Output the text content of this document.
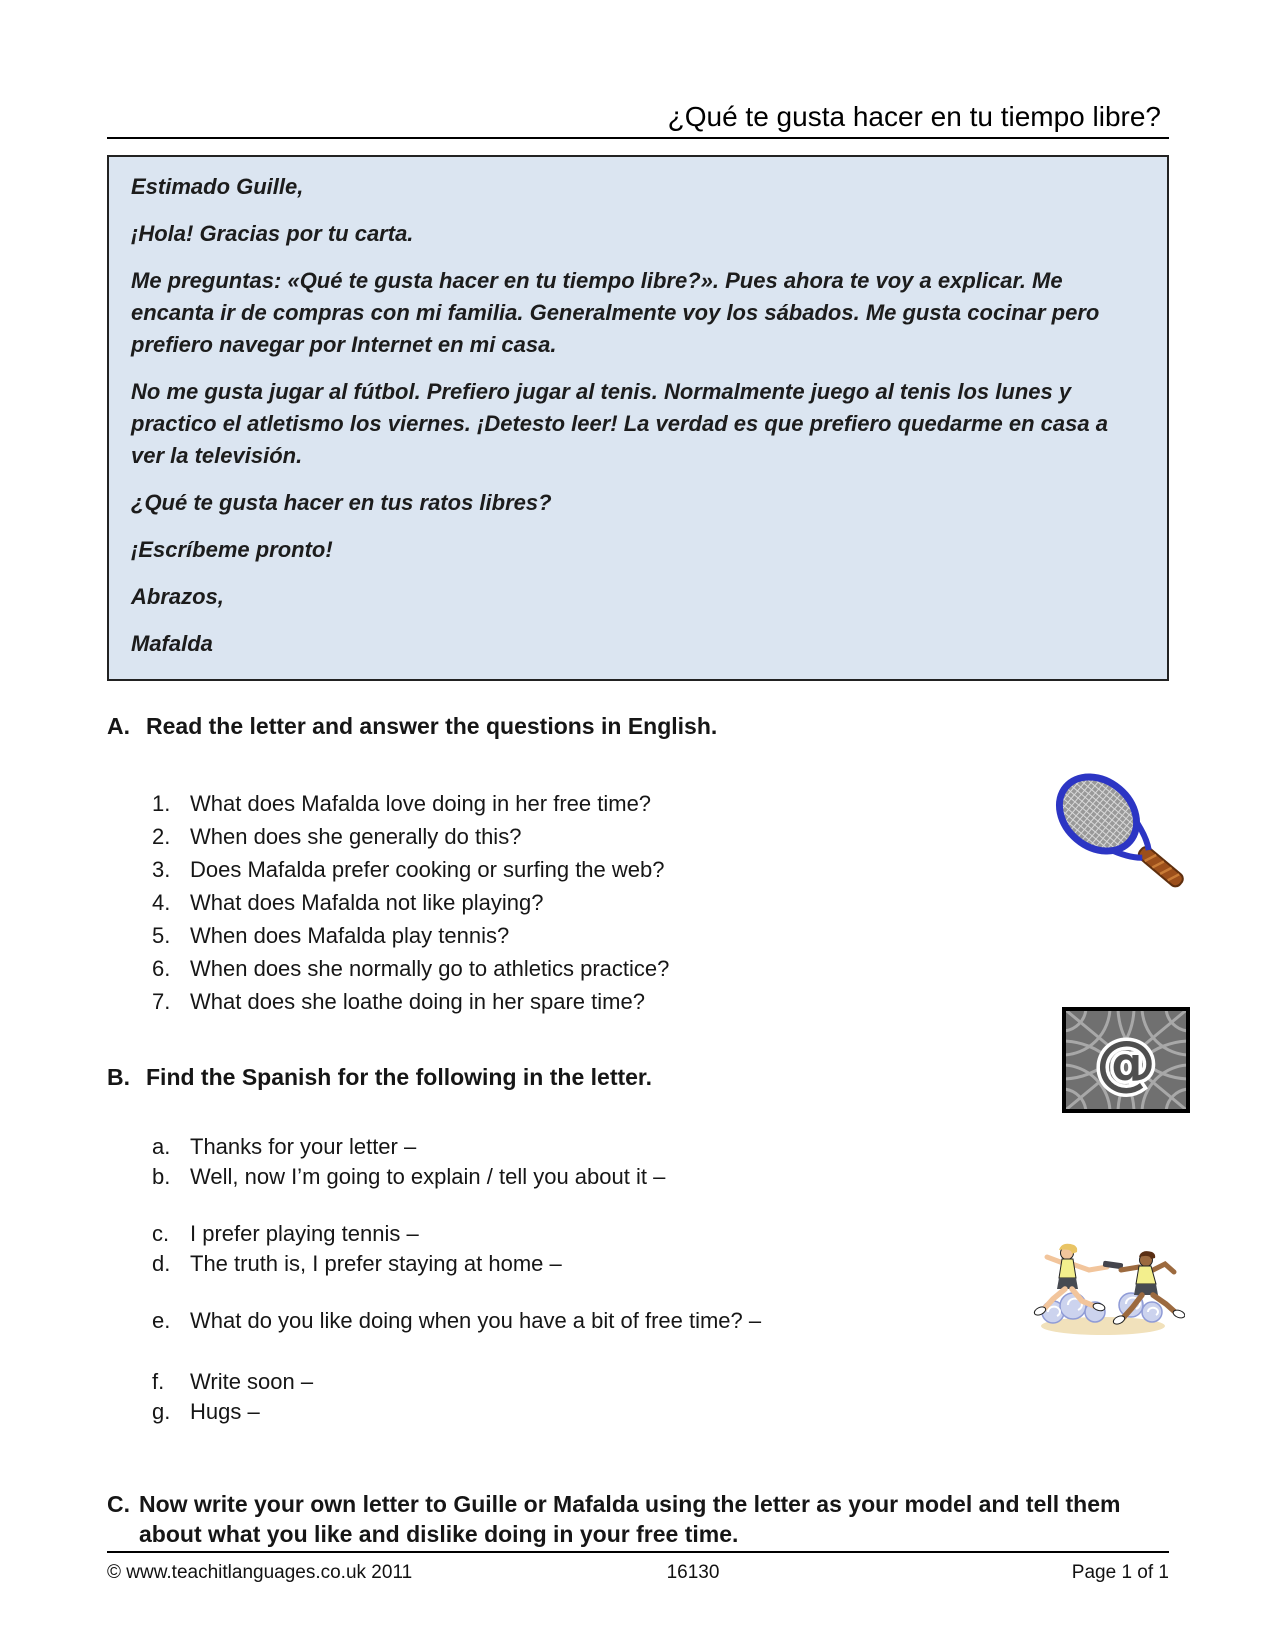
¿Qué te gusta hacer en tu tiempo libre?

Estimado Guille,

¡Hola! Gracias por tu carta.

Me preguntas: «Qué te gusta hacer en tu tiempo libre?». Pues ahora te voy a explicar. Me encanta ir de compras con mi familia. Generalmente voy los sábados. Me gusta cocinar pero prefiero navegar por Internet en mi casa.

No me gusta jugar al fútbol. Prefiero jugar al tenis. Normalmente juego al tenis los lunes y practico el atletismo los viernes. ¡Detesto leer! La verdad es que prefiero quedarme en casa a ver la televisión.

¿Qué te gusta hacer en tus ratos libres?

¡Escríbeme pronto!

Abrazos,

Mafalda

A. Read the letter and answer the questions in English.
1. What does Mafalda love doing in her free time?
2. When does she generally do this?
3. Does Mafalda prefer cooking or surfing the web?
4. What does Mafalda not like playing?
5. When does Mafalda play tennis?
6. When does she normally go to athletics practice?
7. What does she loathe doing in her spare time?
B. Find the Spanish for the following in the letter.
a. Thanks for your letter –
b. Well, now I’m going to explain / tell you about it –
c. I prefer playing tennis –
d. The truth is, I prefer staying at home –
e. What do you like doing when you have a bit of free time? –
f.	Write soon –
g. Hugs –
C. Now write your own letter to Guille or Mafalda using the letter as your model and tell them about what you like and dislike doing in your free time.
@
© www.teachitlanguages.co.uk 2011	16130	Page 1 of 1
